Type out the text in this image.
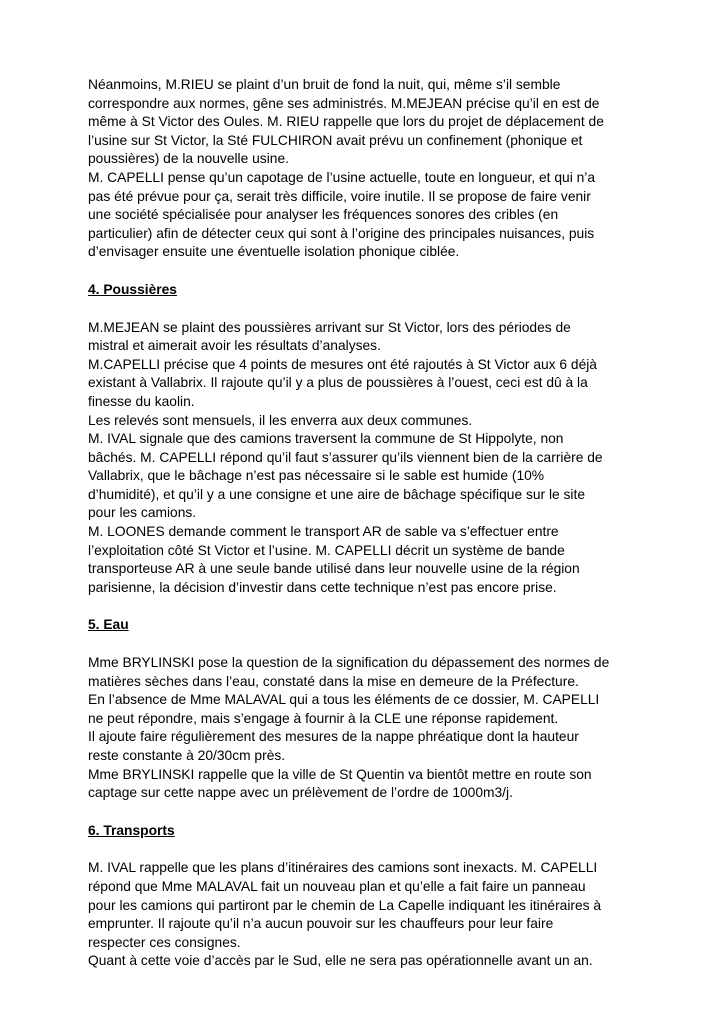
Néanmoins, M.RIEU se plaint d’un bruit de fond la nuit, qui, même s’il semble
correspondre aux normes, gêne ses administrés. M.MEJEAN précise qu’il en est de
même à St Victor des Oules. M. RIEU rappelle que lors du projet de déplacement de
l’usine sur St Victor, la Sté FULCHIRON avait prévu un confinement (phonique et
poussières) de la nouvelle usine.

M. CAPELLI pense qu’un capotage de l’usine actuelle, toute en longueur, et qui n’a
pas été prévue pour ça, serait très difficile, voire inutile. Il se propose de faire venir
une société spécialisée pour analyser les fréquences sonores des cribles (en
particulier) afin de détecter ceux qui sont à l’origine des principales nuisances, puis
d’envisager ensuite une éventuelle isolation phonique ciblée.

4. Poussières

M.MEJEAN se plaint des poussières arrivant sur St Victor, lors des périodes de
mistral et aimerait avoir les résultats d’analyses.

M.CAPELLI précise que 4 points de mesures ont été rajoutés à St Victor aux 6 déjà
existant à Vallabrix. Il rajoute qu’il y a plus de poussières à l’ouest, ceci est dû à la
finesse du kaolin.

Les relevés sont mensuels, il les enverra aux deux communes.

M. IVAL signale que des camions traversent la commune de St Hippolyte, non
bâchés. M. CAPELLI répond qu’il faut s’assurer qu’ils viennent bien de la carrière de
Vallabrix, que le bâchage n’est pas nécessaire si le sable est humide (10%
d’humidité), et qu’il y a une consigne et une aire de bâchage spécifique sur le site
pour les camions.

M. LOONES demande comment le transport AR de sable va s’effectuer entre
l’exploitation côté St Victor et l’usine. M. CAPELLI décrit un système de bande
transporteuse AR à une seule bande utilisé dans leur nouvelle usine de la région
parisienne, la décision d’investir dans cette technique n’est pas encore prise.

5. Eau

Mme BRYLINSKI pose la question de la signification du dépassement des normes de
matières sèches dans l’eau, constaté dans la mise en demeure de la Préfecture.

En l’absence de Mme MALAVAL qui a tous les éléments de ce dossier, M. CAPELLI
ne peut répondre, mais s’engage à fournir à la CLE une réponse rapidement.

Il ajoute faire régulièrement des mesures de la nappe phréatique dont la hauteur
reste constante à 20/30cm près.

Mme BRYLINSKI rappelle que la ville de St Quentin va bientôt mettre en route son
captage sur cette nappe avec un prélèvement de l’ordre de 1000m3/j.

6. Transports

M. IVAL rappelle que les plans d’itinéraires des camions sont inexacts. M. CAPELLI
répond que Mme MALAVAL fait un nouveau plan et qu’elle a fait faire un panneau
pour les camions qui partiront par le chemin de La Capelle indiquant les itinéraires à
emprunter. Il rajoute qu’il n’a aucun pouvoir sur les chauffeurs pour leur faire
respecter ces consignes.

Quant à cette voie d’accès par le Sud, elle ne sera pas opérationnelle avant un an.
